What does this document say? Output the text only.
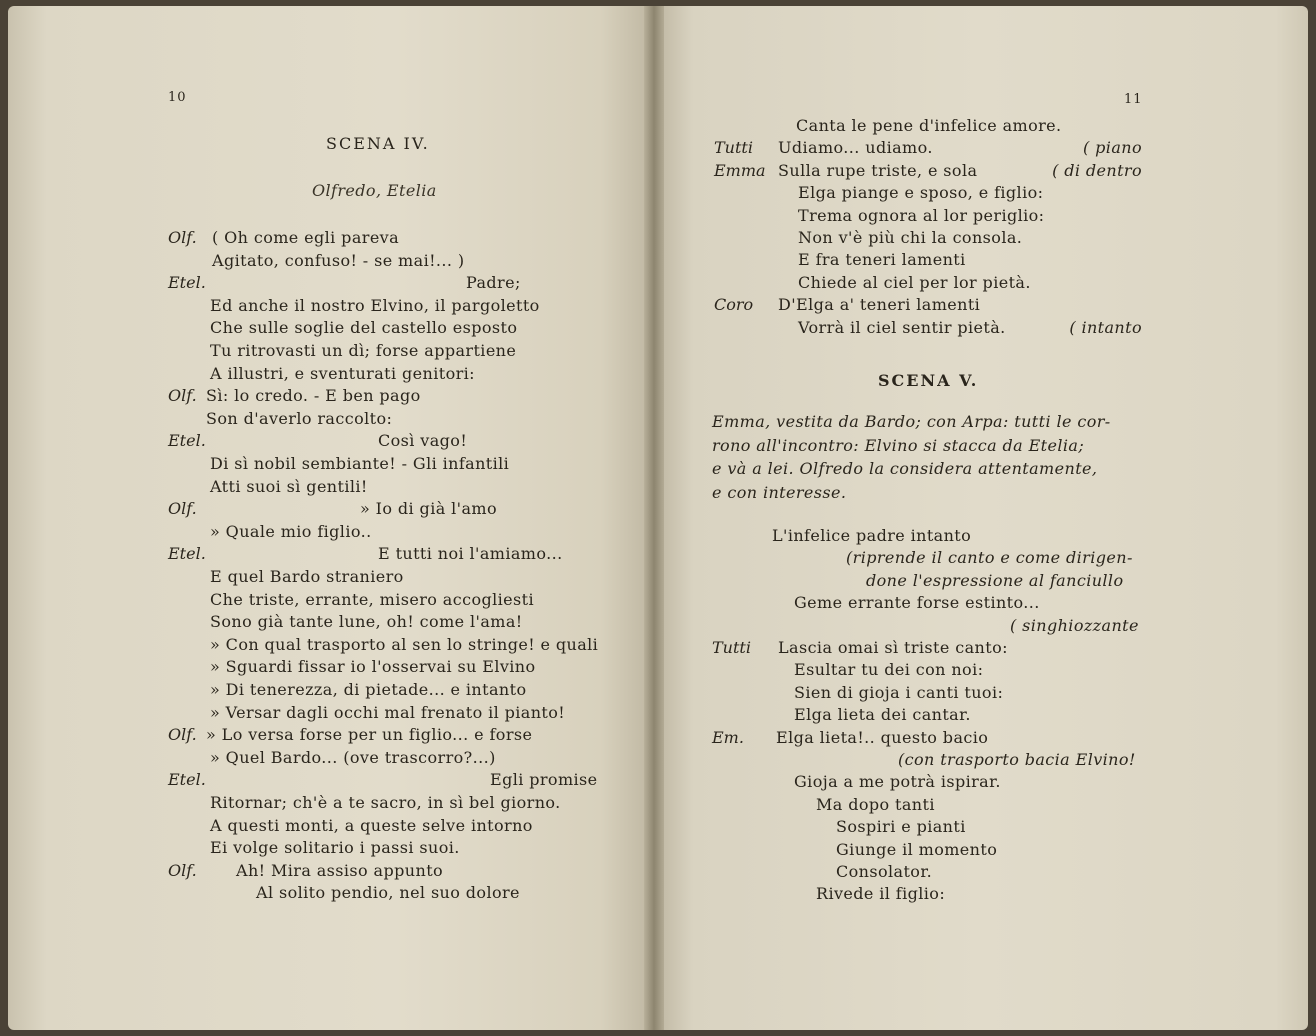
10
SCENA IV.
Olfredo, Etelia
Olf. ( Oh come egli pareva
Agitato, confuso! - se mai!... )
Etel.	Padre;
Ed anche il nostro Elvino, il pargoletto
Che sulle soglie del castello esposto
Tu ritrovasti un dì; forse appartiene
A illustri, e sventurati genitori:
Olf. Sì: lo credo. - E ben pago
Son d'averlo raccolto:
Etel.	Così vago!
Di sì nobil sembiante! - Gli infantili
Atti suoi sì gentili!
Olf.	» Io di già l'amo
» Quale mio figlio..
Etel.	E tutti noi l'amiamo...
E quel Bardo straniero
Che triste, errante, misero accogliesti
Sono già tante lune, oh! come l'ama!
» Con qual trasporto al sen lo stringe! e quali
» Sguardi fissar io l'osservai su Elvino
» Di tenerezza, di pietade... e intanto
» Versar dagli occhi mal frenato il pianto!
Olf. » Lo versa forse per un figlio... e forse
» Quel Bardo... (ove trascorro?...)
Etel.	Egli promise
Ritornar; ch'è a te sacro, in sì bel giorno.
A questi monti, a queste selve intorno
Ei volge solitario i passi suoi.
Olf. Ah! Mira assiso appunto
Al solito pendio, nel suo dolore
11
Canta le pene d'infelice amore.
Tutti Udiamo... udiamo.	( piano
Emma Sulla rupe triste, e sola	( di dentro
Elga piange e sposo, e figlio:
Trema ognora al lor periglio:
Non v'è più chi la consola.
E fra teneri lamenti
Chiede al ciel per lor pietà.
Coro D'Elga a' teneri lamenti
Vorrà il ciel sentir pietà.	( intanto
SCENA V.
Emma, vestita da Bardo; con Arpa: tutti le cor-
rono all'incontro: Elvino si stacca da Etelia;
e và a lei. Olfredo la considera attentamente,
e con interesse.
L'infelice padre intanto
(riprende il canto e come dirigen-
done l'espressione al fanciullo
Geme errante forse estinto...
( singhiozzante
Tutti Lascia omai sì triste canto:
Esultar tu dei con noi:
Sien di gioja i canti tuoi:
Elga lieta dei cantar.
Em. Elga lieta!.. questo bacio
(con trasporto bacia Elvino!
Gioja a me potrà ispirar.
Ma dopo tanti
Sospiri e pianti
Giunge il momento
Consolator.
Rivede il figlio:
